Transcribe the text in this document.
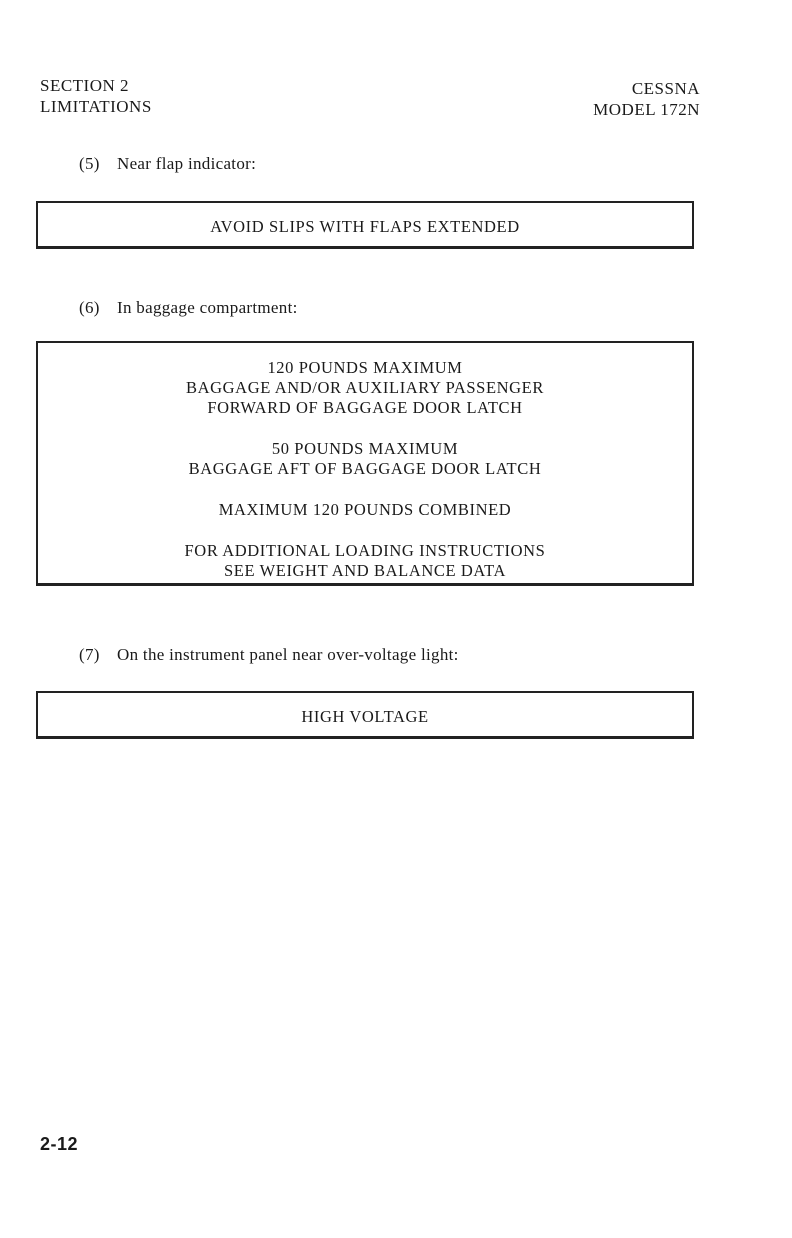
SECTION 2
LIMITATIONS
CESSNA
MODEL 172N
(5) Near flap indicator:
AVOID SLIPS WITH FLAPS EXTENDED
(6) In baggage compartment:
120 POUNDS MAXIMUM
BAGGAGE AND/OR AUXILIARY PASSENGER
FORWARD OF BAGGAGE DOOR LATCH
50 POUNDS MAXIMUM
BAGGAGE AFT OF BAGGAGE DOOR LATCH
MAXIMUM 120 POUNDS COMBINED
FOR ADDITIONAL LOADING INSTRUCTIONS
SEE WEIGHT AND BALANCE DATA
(7) On the instrument panel near over-voltage light:
HIGH VOLTAGE
2-12
